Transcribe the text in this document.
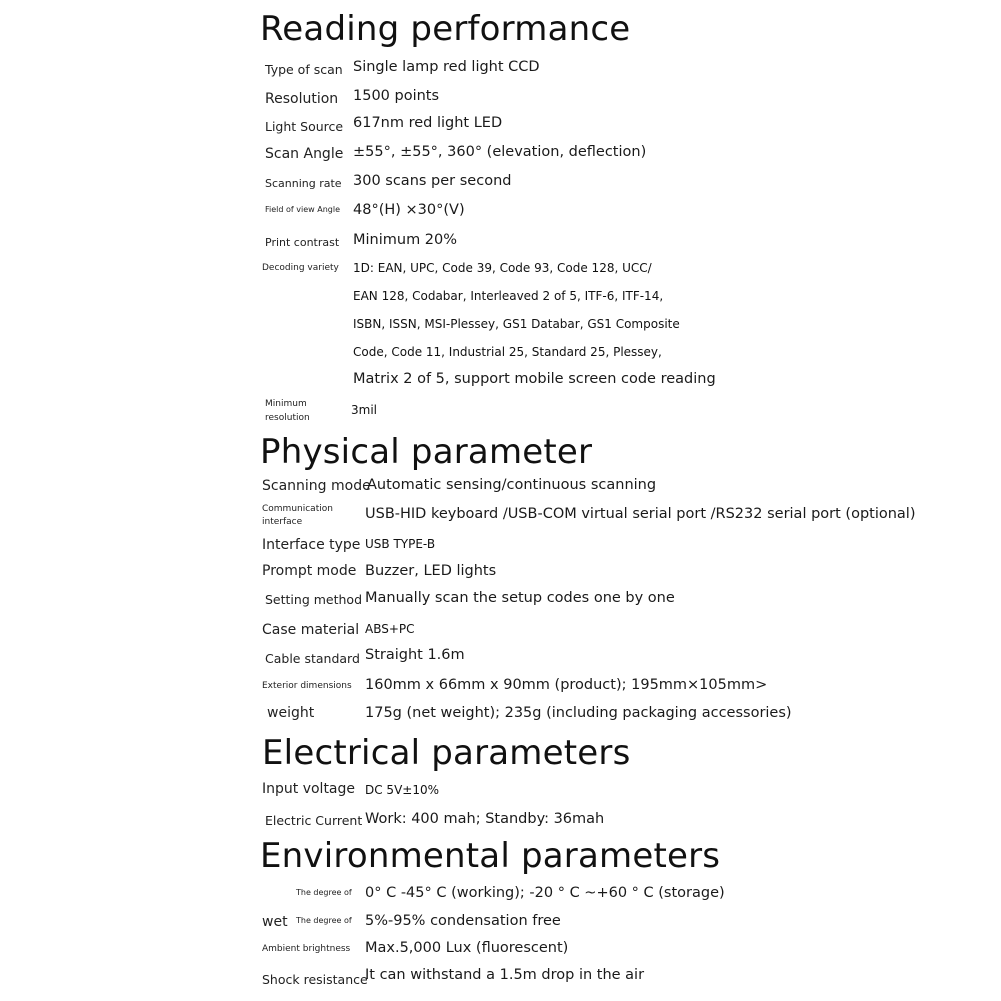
Reading performance
Type of scan Single lamp red light CCD
Resolution 1500 points
Light Source 617nm red light LED
Scan Angle ±55°, ±55°, 360° (elevation, deflection)
Scanning rate 300 scans per second
Field of view Angle 48°(H) ×30°(V)
Print contrast Minimum 20%
Decoding variety 1D: EAN, UPC, Code 39, Code 93, Code 128, UCC/
EAN 128, Codabar, Interleaved 2 of 5, ITF-6, ITF-14,
ISBN, ISSN, MSI-Plessey, GS1 Databar, GS1 Composite
Code, Code 11, Industrial 25, Standard 25, Plessey,
Matrix 2 of 5, support mobile screen code reading
Minimum
resolution
3mil
Physical parameter
Scanning mode
Automatic sensing/continuous scanning
Communication
interface	USB-HID keyboard /USB-COM virtual serial port /RS232 serial port (optional)
Interface type USB TYPE-B
Prompt mode Buzzer, LED lights
Setting method Manually scan the setup codes one by one
Case material ABS+PC
Cable standard Straight 1.6m
Exterior dimensions 160mm x 66mm x 90mm (product); 195mm×105mm>
weight	175g (net weight); 235g (including packaging accessories)
Electrical parameters
Input voltage DC 5V±10%
Electric Current Work: 400 mah; Standby: 36mah
Environmental parameters
The degree of 0° C -45° C (working); -20 ° C ~+60 ° C (storage)
wet The degree of 5%-95% condensation free
Ambient brightness Max.5,000 Lux (fluorescent)
Shock resistance
It can withstand a 1.5m drop in the air
